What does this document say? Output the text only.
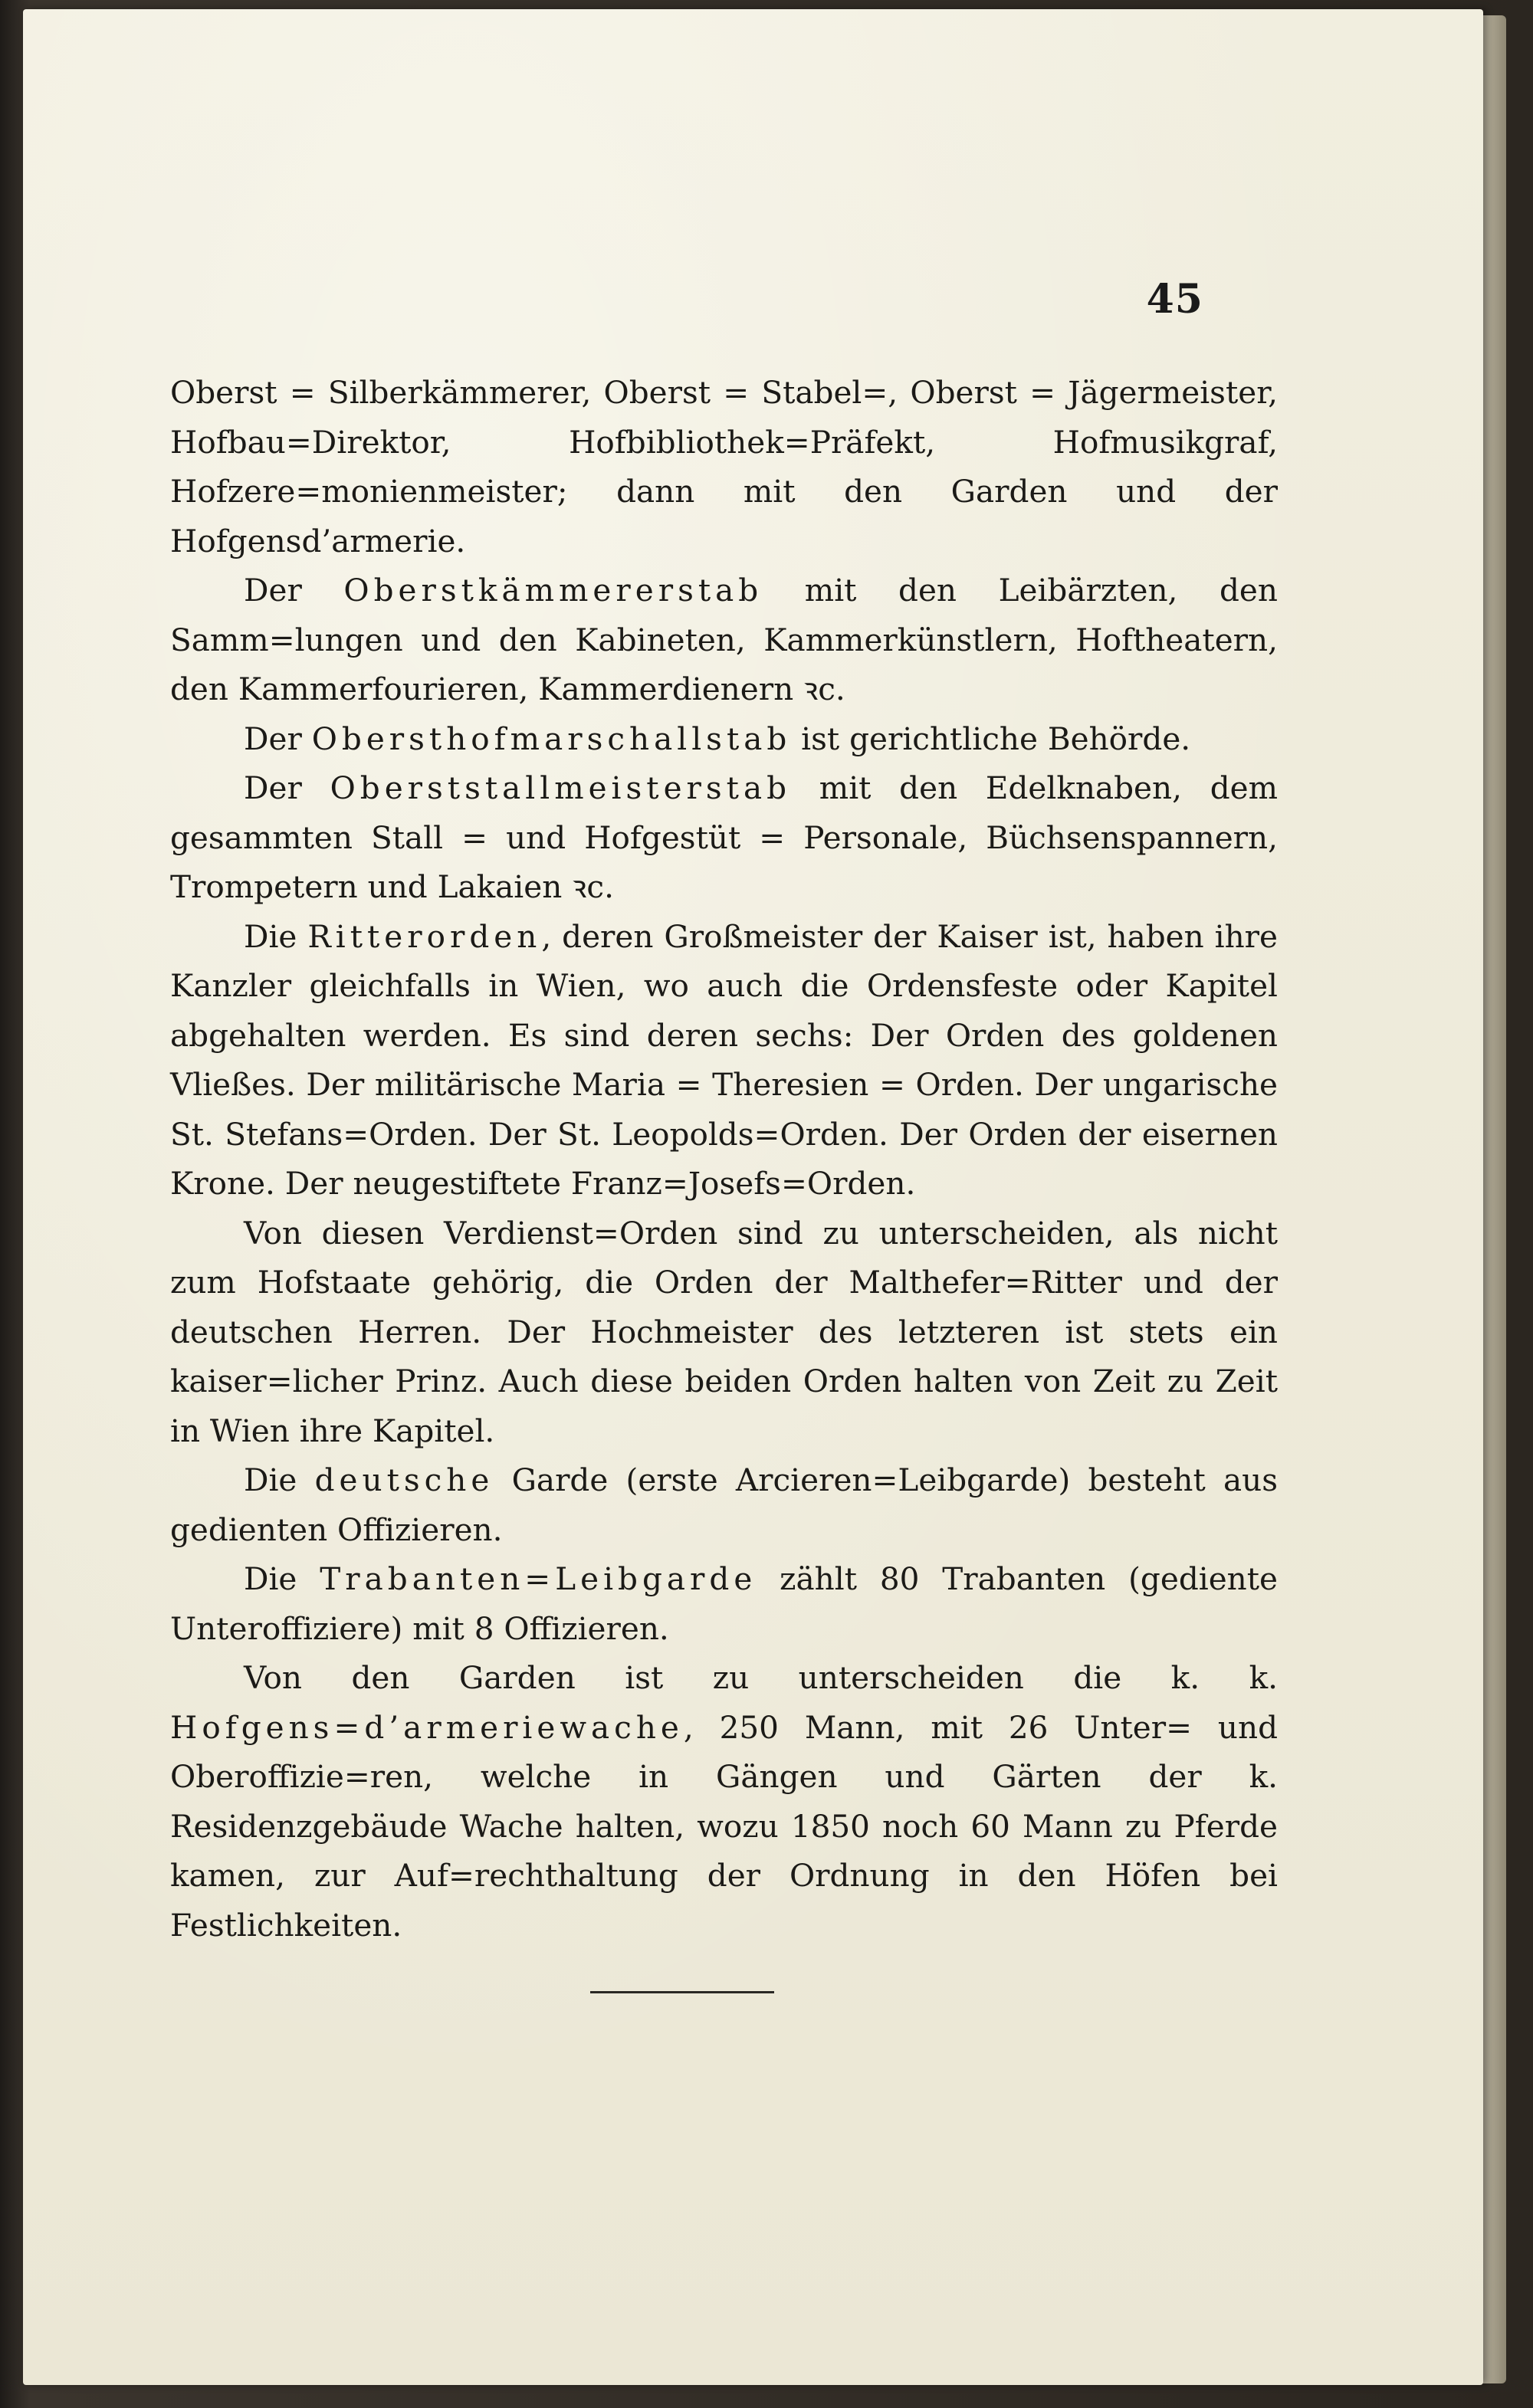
45

Oberst = Silberkämmerer, Oberst = Stabel=, Oberst = Jägermeister, Hofbau=Direktor, Hofbibliothek=Präfekt, Hofmusikgraf, Hofzere=monienmeister; dann mit den Garden und der Hofgensd’armerie.

Der Oberstkämmererstab mit den Leibärzten, den Samm=lungen und den Kabineten, Kammerkünstlern, Hoftheatern, den Kammerfourieren, Kammerdienern ꝛc.

Der Obersthofmarschallstab ist gerichtliche Behörde.

Der Oberststallmeisterstab mit den Edelknaben, dem gesammten Stall = und Hofgestüt = Personale, Büchsenspannern, Trompetern und Lakaien ꝛc.

Die Ritterorden, deren Großmeister der Kaiser ist, haben ihre Kanzler gleichfalls in Wien, wo auch die Ordensfeste oder Kapitel abgehalten werden. Es sind deren sechs: Der Orden des goldenen Vließes. Der militärische Maria = Theresien = Orden. Der ungarische St. Stefans=Orden. Der St. Leopolds=Orden. Der Orden der eisernen Krone. Der neugestiftete Franz=Josefs=Orden.

Von diesen Verdienst=Orden sind zu unterscheiden, als nicht zum Hofstaate gehörig, die Orden der Malthefer=Ritter und der deutschen Herren. Der Hochmeister des letzteren ist stets ein kaiser=licher Prinz. Auch diese beiden Orden halten von Zeit zu Zeit in Wien ihre Kapitel.

Die deutsche Garde (erste Arcieren=Leibgarde) besteht aus gedienten Offizieren.

Die Trabanten=Leibgarde zählt 80 Trabanten (gediente Unteroffiziere) mit 8 Offizieren.

Von den Garden ist zu unterscheiden die k. k. Hofgens=d’armeriewache, 250 Mann, mit 26 Unter= und Oberoffizie=ren, welche in Gängen und Gärten der k. Residenzgebäude Wache halten, wozu 1850 noch 60 Mann zu Pferde kamen, zur Auf=rechthaltung der Ordnung in den Höfen bei Festlichkeiten.
